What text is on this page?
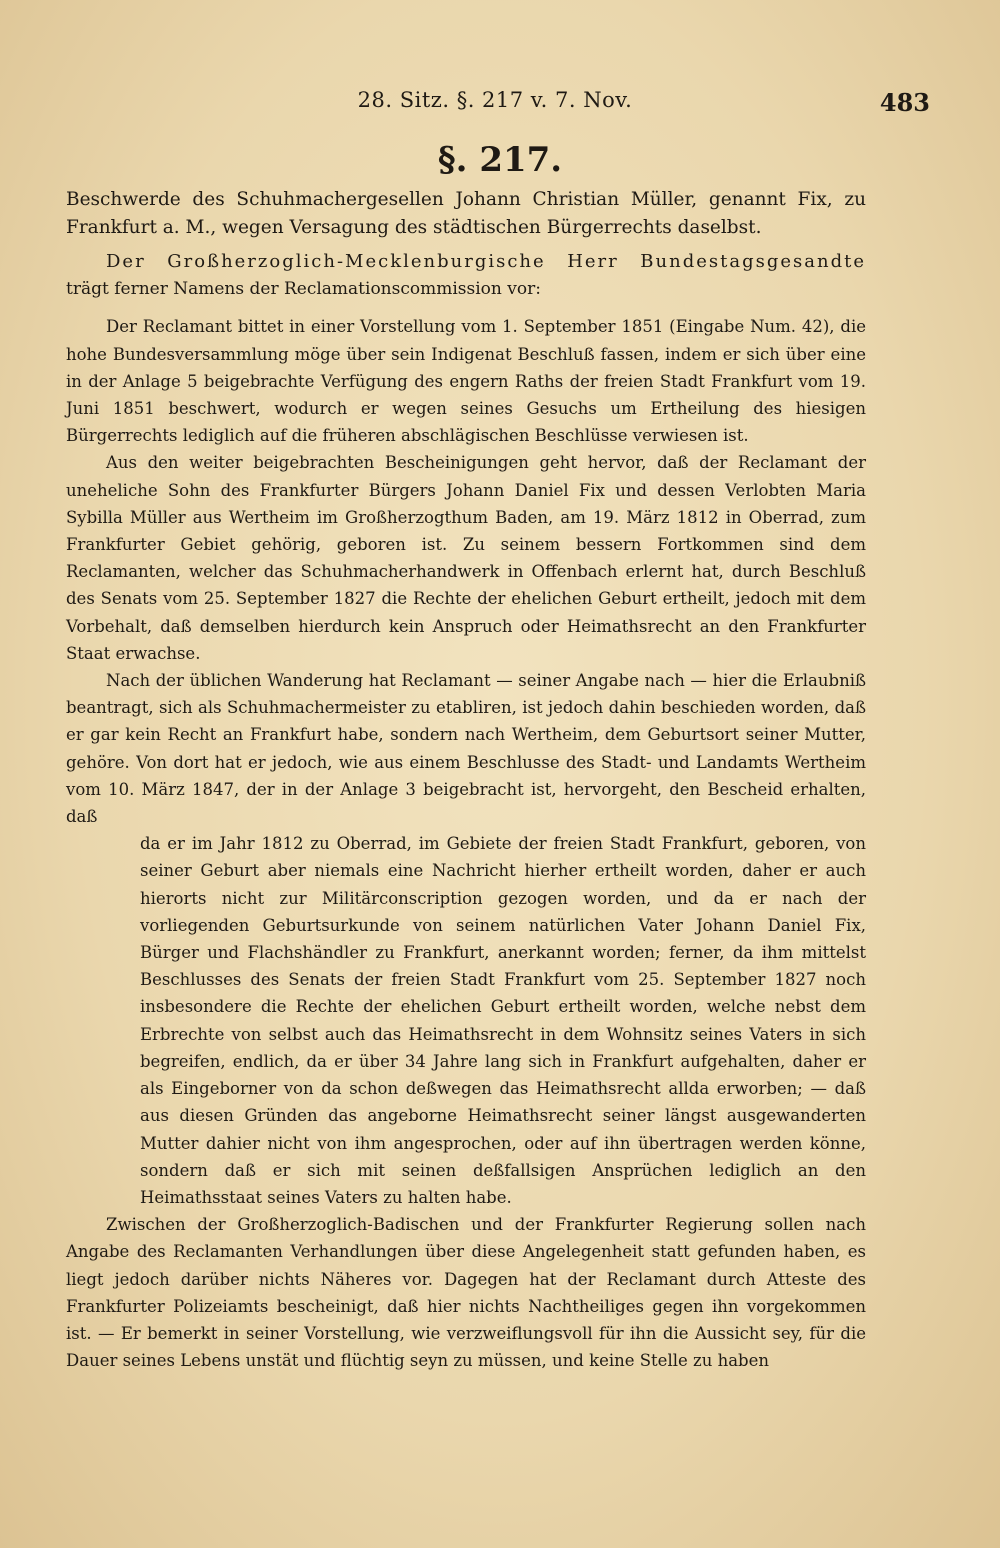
28. Sitz. §. 217 v. 7. Nov.	483
§. 217.

Beschwerde des Schuhmachergesellen Johann Christian Müller, genannt Fix, zu Frankfurt a. M., wegen Versagung des städtischen Bürgerrechts daselbst.

Der Großherzoglich-Mecklenburgische Herr Bundestagsgesandte trägt ferner Namens der Reclamationscommission vor:

Der Reclamant bittet in einer Vorstellung vom 1. September 1851 (Eingabe Num. 42), die hohe Bundesversammlung möge über sein Indigenat Beschluß fassen, indem er sich über eine in der Anlage 5 beigebrachte Verfügung des engern Raths der freien Stadt Frankfurt vom 19. Juni 1851 beschwert, wodurch er wegen seines Gesuchs um Ertheilung des hiesigen Bürgerrechts lediglich auf die früheren abschlägischen Beschlüsse verwiesen ist.

Aus den weiter beigebrachten Bescheinigungen geht hervor, daß der Reclamant der uneheliche Sohn des Frankfurter Bürgers Johann Daniel Fix und dessen Verlobten Maria Sybilla Müller aus Wertheim im Großherzogthum Baden, am 19. März 1812 in Oberrad, zum Frankfurter Gebiet gehörig, geboren ist. Zu seinem bessern Fortkommen sind dem Reclamanten, welcher das Schuhmacherhandwerk in Offenbach erlernt hat, durch Beschluß des Senats vom 25. September 1827 die Rechte der ehelichen Geburt ertheilt, jedoch mit dem Vorbehalt, daß demselben hierdurch kein Anspruch oder Heimathsrecht an den Frankfurter Staat erwachse.

Nach der üblichen Wanderung hat Reclamant — seiner Angabe nach — hier die Erlaubniß beantragt, sich als Schuhmachermeister zu etabliren, ist jedoch dahin beschieden worden, daß er gar kein Recht an Frankfurt habe, sondern nach Wertheim, dem Geburtsort seiner Mutter, gehöre. Von dort hat er jedoch, wie aus einem Beschlusse des Stadt- und Landamts Wertheim vom 10. März 1847, der in der Anlage 3 beigebracht ist, hervorgeht, den Bescheid erhalten, daß

da er im Jahr 1812 zu Oberrad, im Gebiete der freien Stadt Frankfurt, geboren, von seiner Geburt aber niemals eine Nachricht hierher ertheilt worden, daher er auch hierorts nicht zur Militärconscription gezogen worden, und da er nach der vorliegenden Geburtsurkunde von seinem natürlichen Vater Johann Daniel Fix, Bürger und Flachshändler zu Frankfurt, anerkannt worden; ferner, da ihm mittelst Beschlusses des Senats der freien Stadt Frankfurt vom 25. September 1827 noch insbesondere die Rechte der ehelichen Geburt ertheilt worden, welche nebst dem Erbrechte von selbst auch das Heimathsrecht in dem Wohnsitz seines Vaters in sich begreifen, endlich, da er über 34 Jahre lang sich in Frankfurt aufgehalten, daher er als Eingeborner von da schon deßwegen das Heimathsrecht allda erworben; — daß aus diesen Gründen das angeborne Heimathsrecht seiner längst ausgewanderten Mutter dahier nicht von ihm angesprochen, oder auf ihn übertragen werden könne, sondern daß er sich mit seinen deßfallsigen Ansprüchen lediglich an den Heimathsstaat seines Vaters zu halten habe.

Zwischen der Großherzoglich-Badischen und der Frankfurter Regierung sollen nach Angabe des Reclamanten Verhandlungen über diese Angelegenheit statt gefunden haben, es liegt jedoch darüber nichts Näheres vor. Dagegen hat der Reclamant durch Atteste des Frankfurter Polizeiamts bescheinigt, daß hier nichts Nachtheiliges gegen ihn vorgekommen ist. — Er bemerkt in seiner Vorstellung, wie verzweiflungsvoll für ihn die Aussicht sey, für die Dauer seines Lebens unstät und flüchtig seyn zu müssen, und keine Stelle zu haben
